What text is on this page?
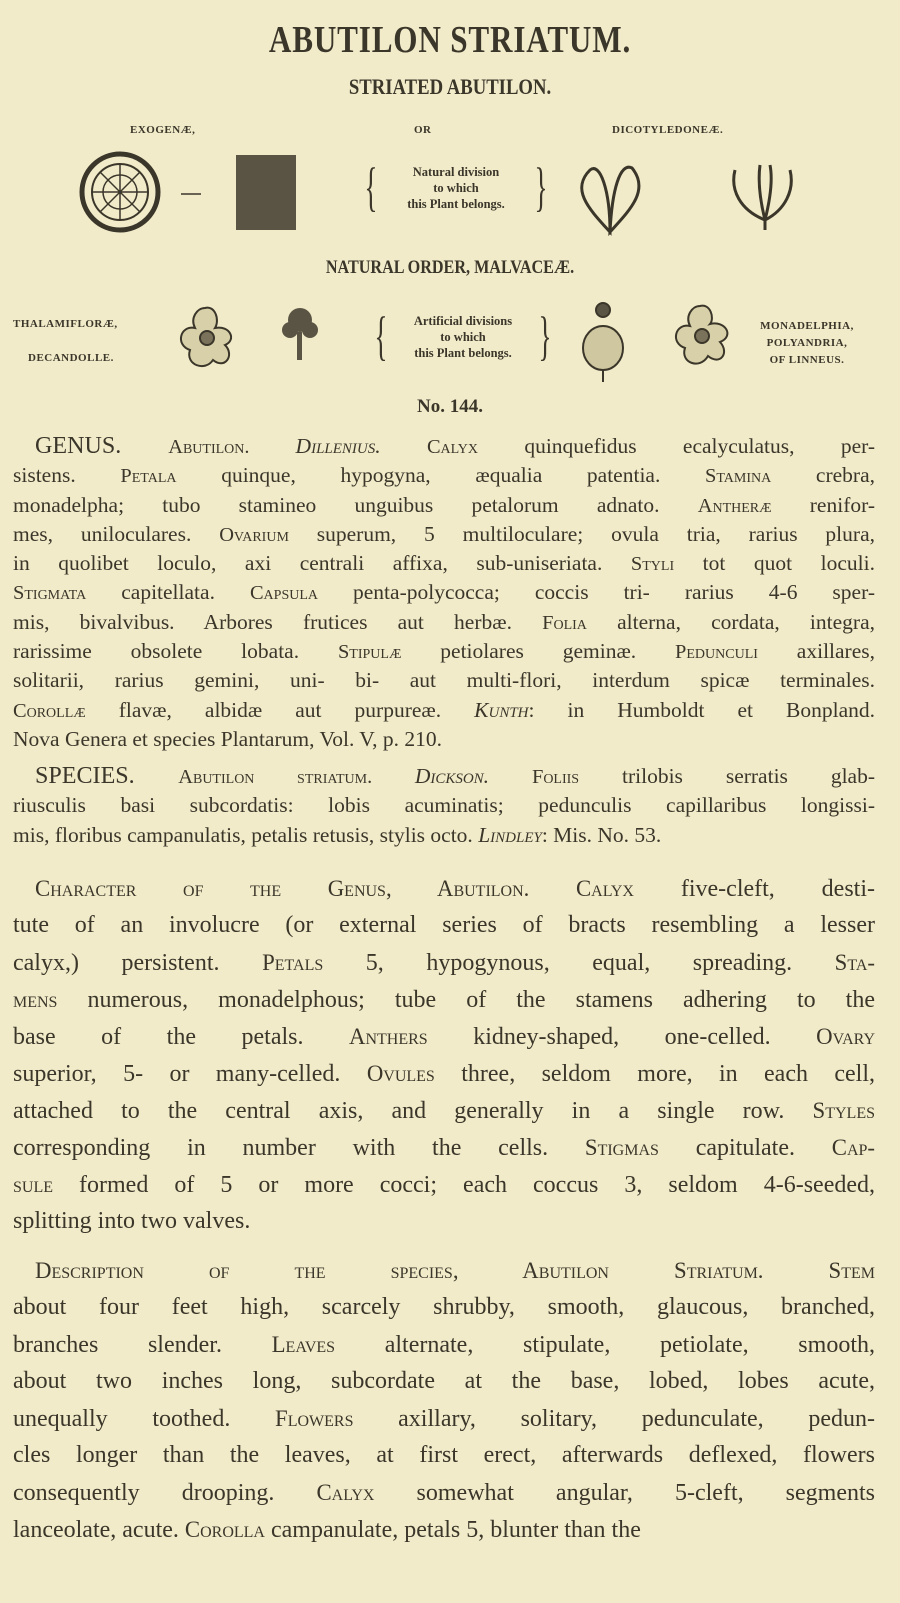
ABUTILON STRIATUM.
STRIATED ABUTILON.
EXOGENÆ,	OR	DICOTYLEDONEÆ.
{	Natural division
to which
this Plant belongs. }
NATURAL ORDER, MALVACEÆ.
THALAMIFLORÆ,
DECANDOLLE.	{	Artificial divisions
to which
this Plant belongs. }	MONADELPHIA,
POLYANDRIA,
OF LINNEUS.
No. 144.
GENUS. Abutilon. Dillenius. Calyx quinquefidus ecalyculatus, per-
sistens. Petala quinque, hypogyna, æqualia patentia. Stamina crebra,
monadelpha; tubo stamineo unguibus petalorum adnato. Antheræ renifor-
mes, uniloculares. Ovarium superum, 5 multiloculare; ovula tria, rarius plura,
in quolibet loculo, axi centrali affixa, sub-uniseriata. Styli tot quot loculi.
Stigmata capitellata. Capsula penta-polycocca; coccis tri- rarius 4-6 sper-
mis, bivalvibus. Arbores frutices aut herbæ. Folia alterna, cordata, integra,
rarissime obsolete lobata. Stipulæ petiolares geminæ. Pedunculi axillares,
solitarii, rarius gemini, uni- bi- aut multi-flori, interdum spicæ terminales.
Corollæ flavæ, albidæ aut purpureæ. Kunth: in Humboldt et Bonpland.
Nova Genera et species Plantarum, Vol. V, p. 210.
SPECIES. Abutilon striatum. Dickson. Foliis trilobis serratis glab-
riusculis basi subcordatis: lobis acuminatis; pedunculis capillaribus longissi-
mis, floribus campanulatis, petalis retusis, stylis octo. Lindley: Mis. No. 53.
Character of the Genus, Abutilon. Calyx five-cleft, desti-
tute of an involucre (or external series of bracts resembling a lesser
calyx,) persistent. Petals 5, hypogynous, equal, spreading. Sta-
mens numerous, monadelphous; tube of the stamens adhering to the
base of the petals. Anthers kidney-shaped, one-celled. Ovary
superior, 5- or many-celled. Ovules three, seldom more, in each cell,
attached to the central axis, and generally in a single row. Styles
corresponding in number with the cells. Stigmas capitulate. Cap-
sule formed of 5 or more cocci; each coccus 3, seldom 4-6-seeded,
splitting into two valves.
Description of the species, Abutilon Striatum. Stem
about four feet high, scarcely shrubby, smooth, glaucous, branched,
branches slender. Leaves alternate, stipulate, petiolate, smooth,
about two inches long, subcordate at the base, lobed, lobes acute,
unequally toothed. Flowers axillary, solitary, pedunculate, pedun-
cles longer than the leaves, at first erect, afterwards deflexed, flowers
consequently drooping. Calyx somewhat angular, 5-cleft, segments
lanceolate, acute. Corolla campanulate, petals 5, blunter than the
